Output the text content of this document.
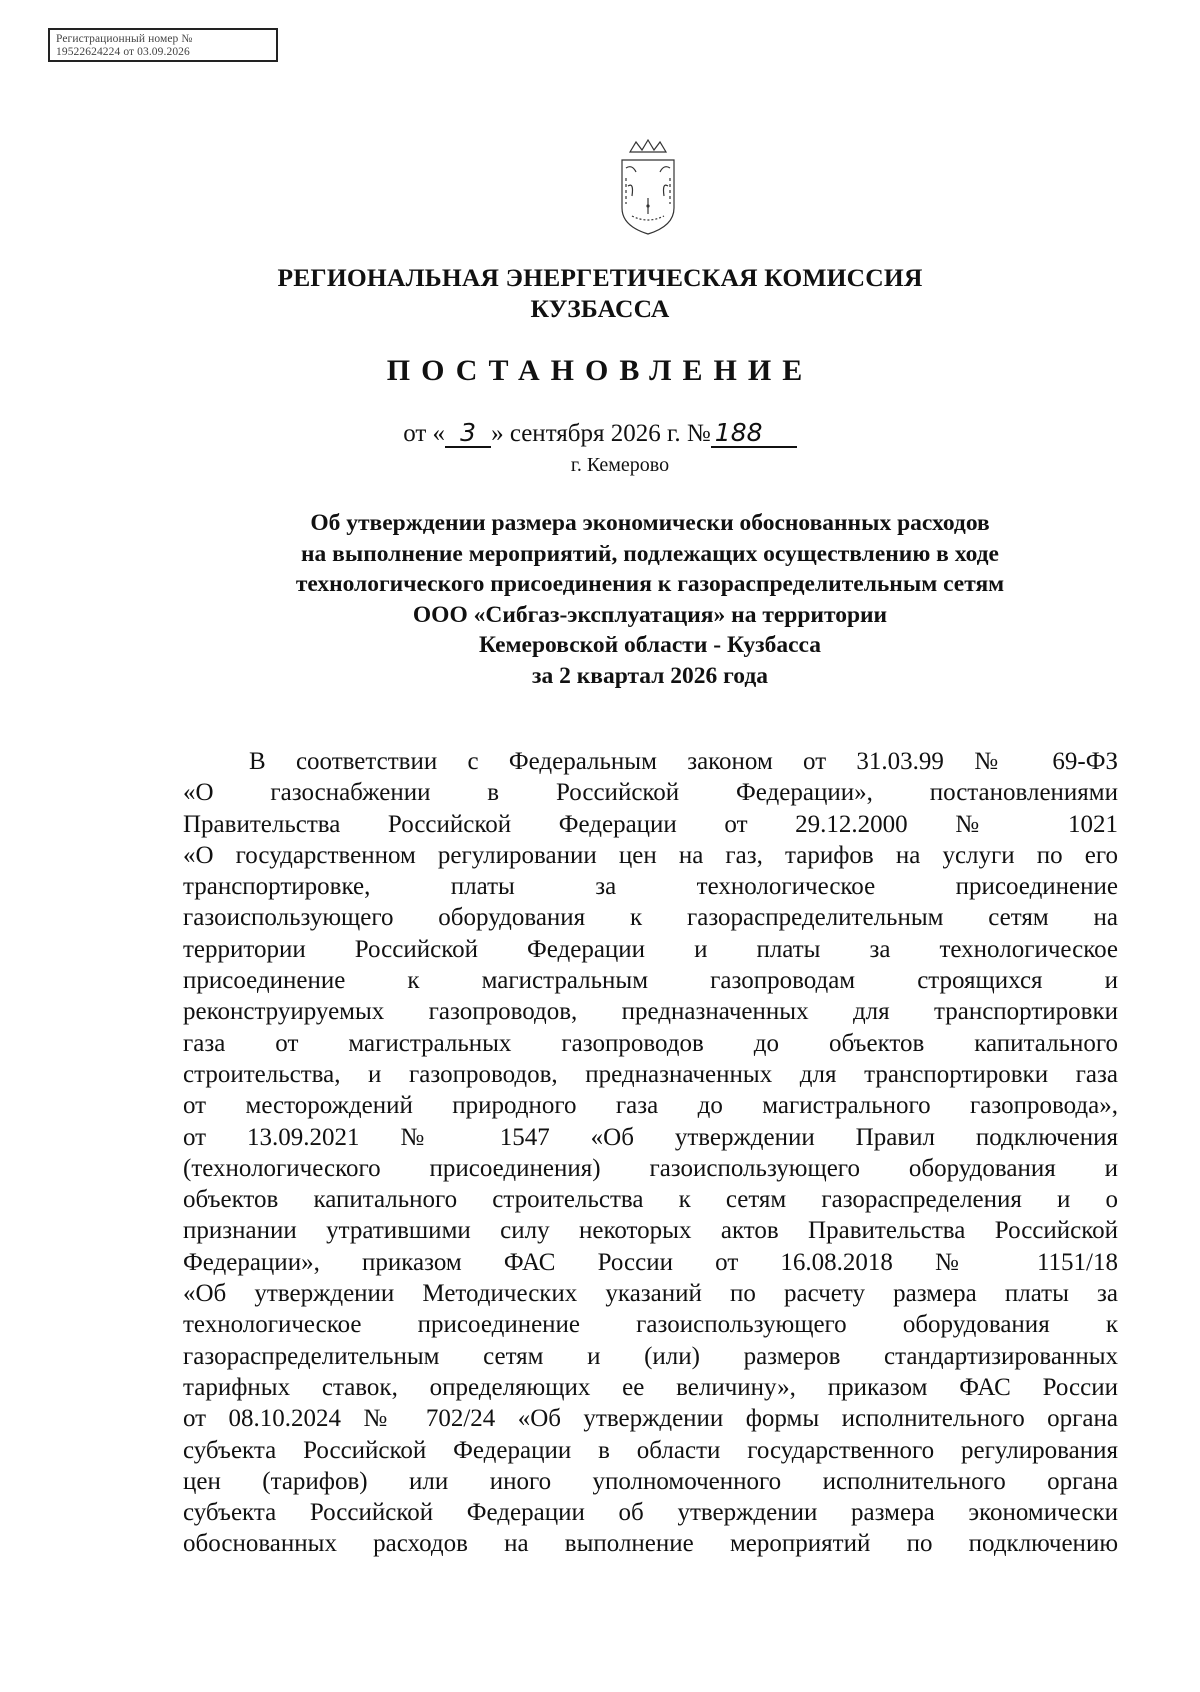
Регистрационный номер №
19522624224 от 03.09.2026
РЕГИОНАЛЬНАЯ ЭНЕРГЕТИЧЕСКАЯ КОМИССИЯ
КУЗБАССА
ПОСТАНОВЛЕНИЕ
от « 3 » сентября 2026 г. № 188
г. Кемерово
Об утверждении размера экономически обоснованных расходов
на выполнение мероприятий, подлежащих осуществлению в ходе
технологического присоединения к газораспределительным сетям
ООО «Сибгаз-эксплуатация» на территории
Кемеровской области - Кузбасса
за 2 квартал 2026 года
В соответствии с Федеральным законом от 31.03.99 № 69-ФЗ
«О газоснабжении в Российской Федерации», постановлениями
Правительства Российской Федерации от 29.12.2000 № 1021
«О государственном регулировании цен на газ, тарифов на услуги по его
транспортировке, платы за технологическое присоединение
газоиспользующего оборудования к газораспределительным сетям на
территории Российской Федерации и платы за технологическое
присоединение к магистральным газопроводам строящихся и
реконструируемых газопроводов, предназначенных для транспортировки
газа от магистральных газопроводов до объектов капитального
строительства, и газопроводов, предназначенных для транспортировки газа
от месторождений природного газа до магистрального газопровода»,
от 13.09.2021 № 1547 «Об утверждении Правил подключения
(технологического присоединения) газоиспользующего оборудования и
объектов капитального строительства к сетям газораспределения и о
признании утратившими силу некоторых актов Правительства Российской
Федерации», приказом ФАС России от 16.08.2018 № 1151/18
«Об утверждении Методических указаний по расчету размера платы за
технологическое присоединение газоиспользующего оборудования к
газораспределительным сетям и (или) размеров стандартизированных
тарифных ставок, определяющих ее величину», приказом ФАС России
от 08.10.2024 № 702/24 «Об утверждении формы исполнительного органа
субъекта Российской Федерации в области государственного регулирования
цен (тарифов) или иного уполномоченного исполнительного органа
субъекта Российской Федерации об утверждении размера экономически
обоснованных расходов на выполнение мероприятий по подключению
